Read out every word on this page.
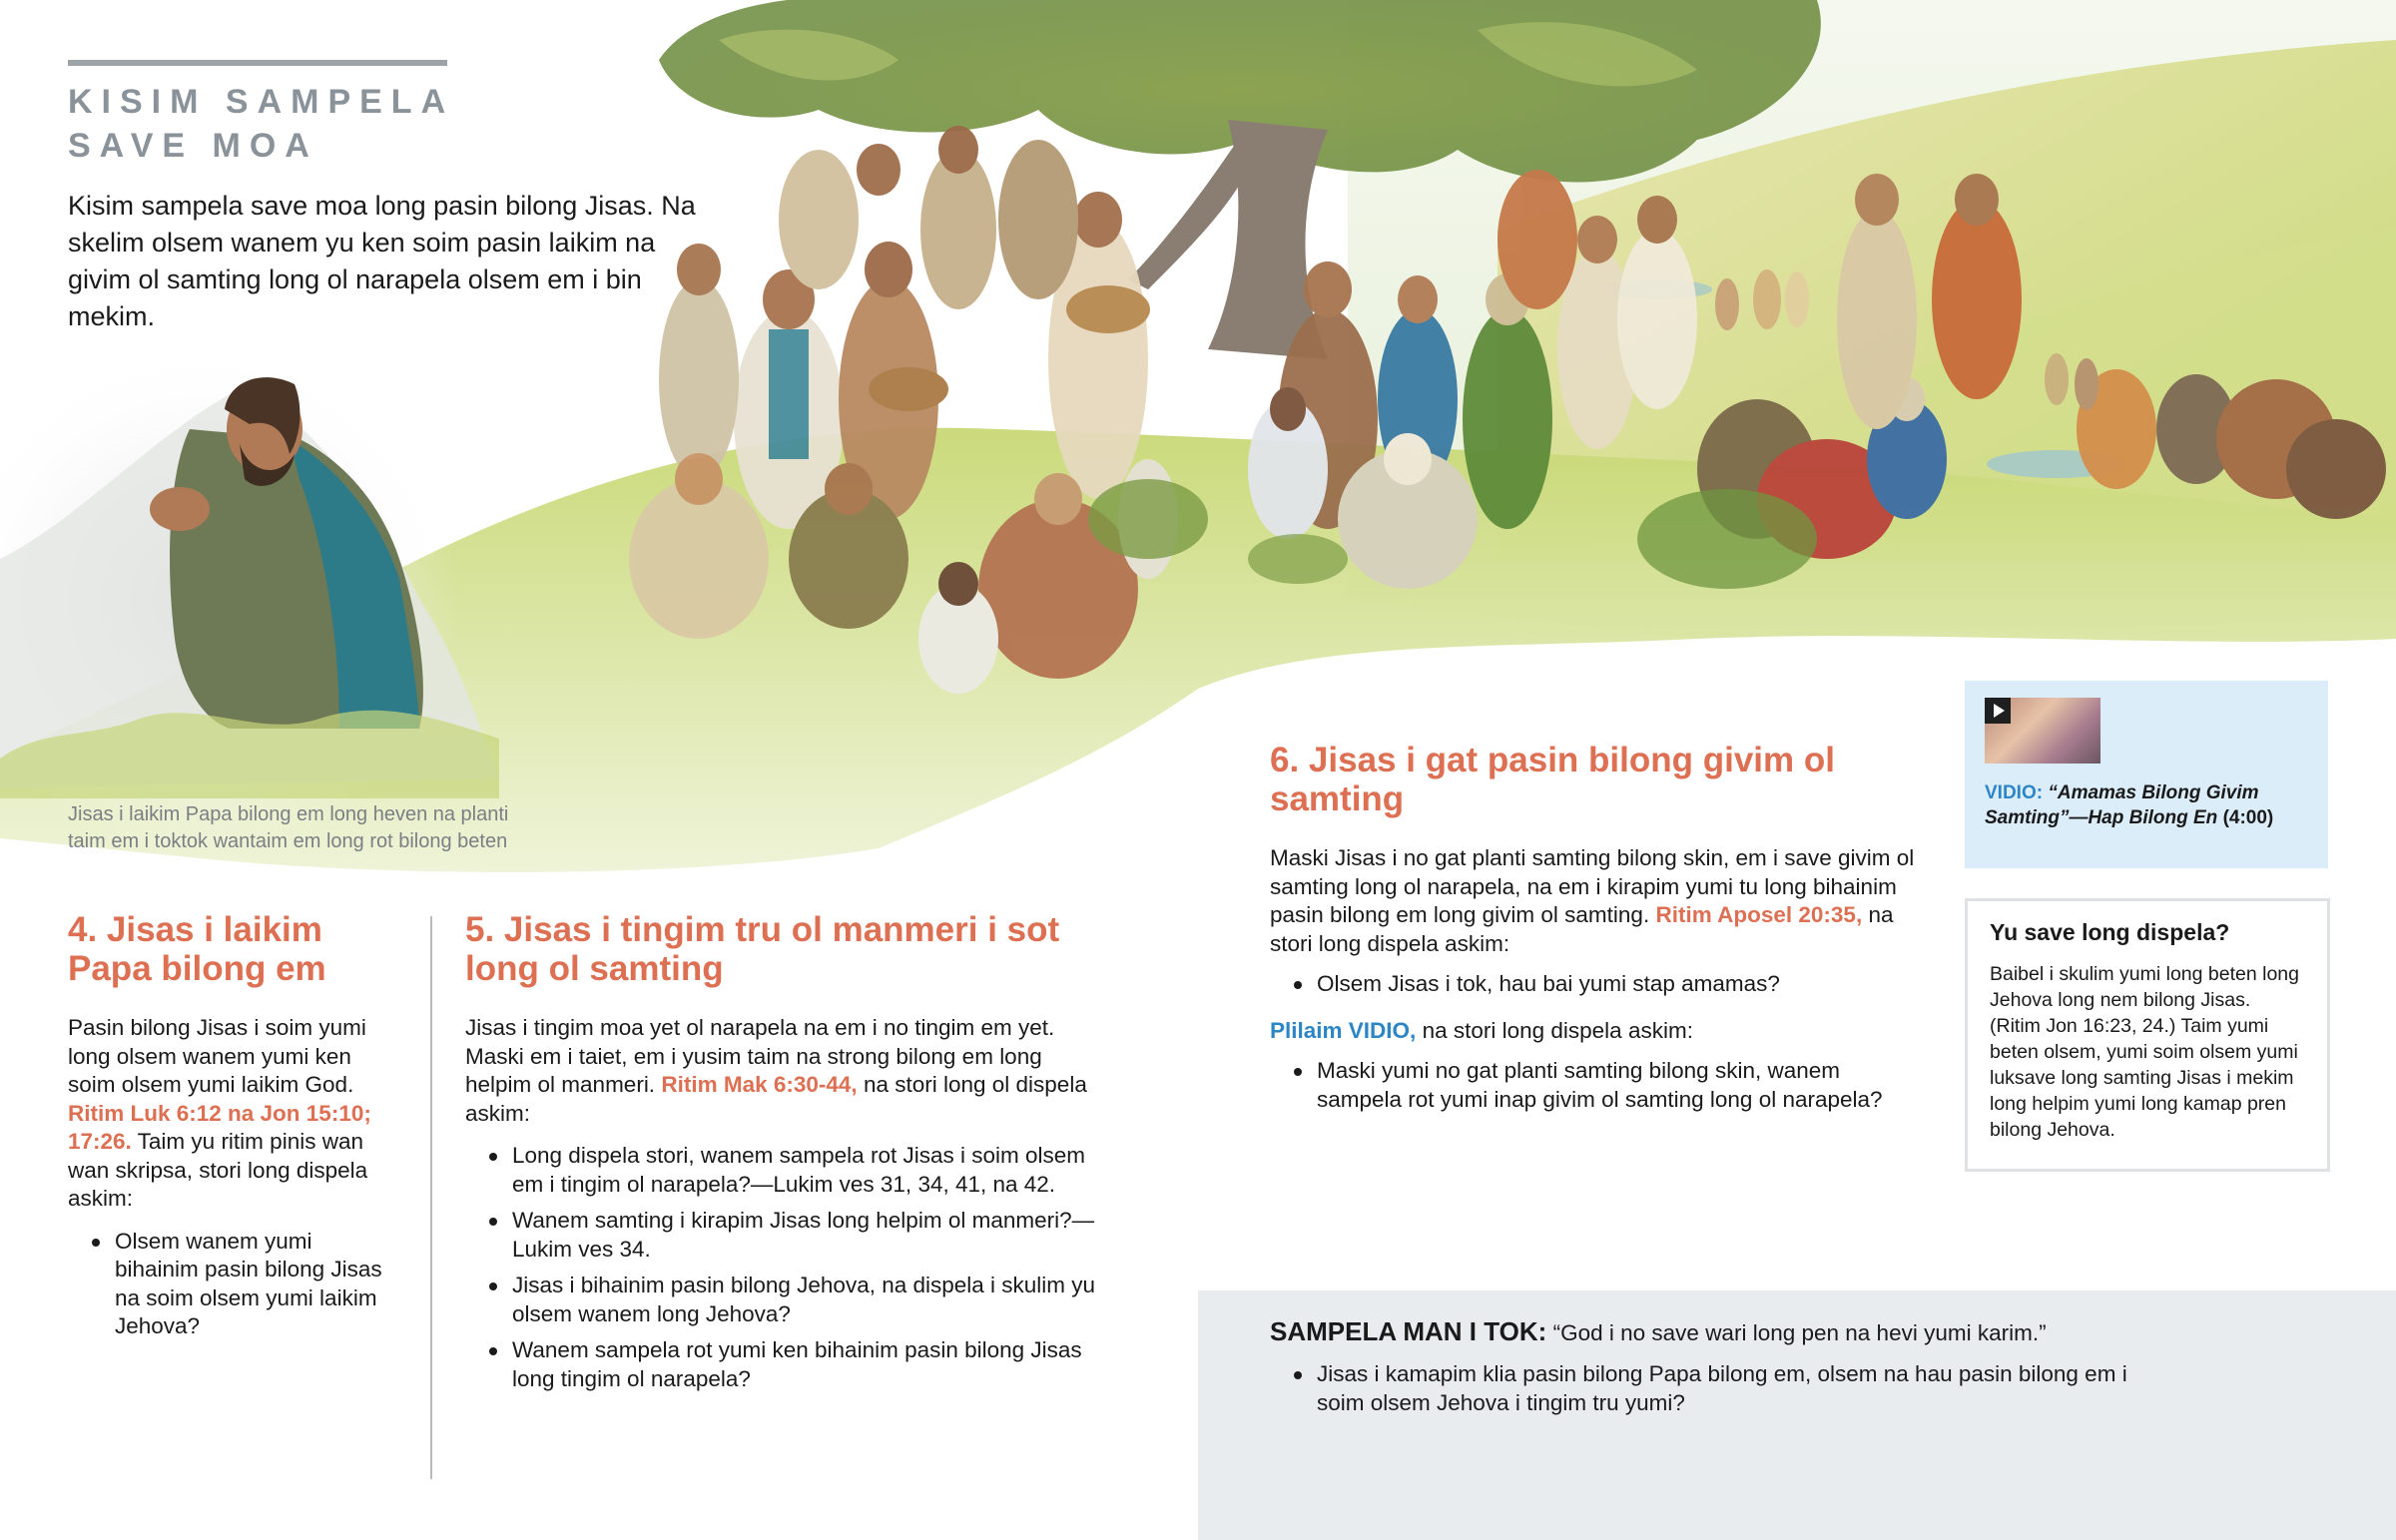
KISIM SAMPELA
SAVE MOA
Kisim sampela save moa long pasin bilong Jisas. Na skelim olsem wanem yu ken soim pasin laikim na givim ol samting long ol narapela olsem em i bin mekim.
Jisas i laikim Papa bilong em long heven na planti
taim em i toktok wantaim em long rot bilong beten
4. Jisas i laikim Papa bilong em
Pasin bilong Jisas i soim yumi long olsem wanem yumi ken soim olsem yumi laikim God. Ritim Luk 6:12 na Jon 15:10; 17:26. Taim yu ritim pinis wan wan skripsa, stori long dispela askim:
Olsem wanem yumi bihainim pasin bilong Jisas na soim olsem yumi laikim Jehova?
5. Jisas i tingim tru ol manmeri i sot long ol samting
Jisas i tingim moa yet ol narapela na em i no tingim em yet. Maski em i taiet, em i yusim taim na strong bilong em long helpim ol manmeri. Ritim Mak 6:30-44, na stori long ol dispela askim:
Long dispela stori, wanem sampela rot Jisas i soim olsem em i tingim ol narapela?—Lukim ves 31, 34, 41, na 42.
Wanem samting i kirapim Jisas long helpim ol manmeri?—Lukim ves 34.
Jisas i bihainim pasin bilong Jehova, na dispela i skulim yu olsem wanem long Jehova?
Wanem sampela rot yumi ken bihainim pasin bilong Jisas long tingim ol narapela?
6. Jisas i gat pasin bilong givim ol samting
Maski Jisas i no gat planti samting bilong skin, em i save givim ol samting long ol narapela, na em i kirapim yumi tu long bihainim pasin bilong em long givim ol samting. Ritim Aposel 20:35, na stori long dispela askim:
Olsem Jisas i tok, hau bai yumi stap amamas?
Plilaim VIDIO, na stori long dispela askim:
Maski yumi no gat planti samting bilong skin, wanem sampela rot yumi inap givim ol samting long ol narapela?
VIDIO: “Amamas Bilong Givim Samting”—Hap Bilong En (4:00)
Yu save long dispela?
Baibel i skulim yumi long beten long Jehova long nem bilong Jisas. (Ritim Jon 16:23, 24.) Taim yumi beten olsem, yumi soim olsem yumi luksave long samting Jisas i mekim long helpim yumi long kamap pren bilong Jehova.
SAMPELA MAN I TOK: “God i no save wari long pen na hevi yumi karim.”
Jisas i kamapim klia pasin bilong Papa bilong em, olsem na hau pasin bilong em i soim olsem Jehova i tingim tru yumi?
